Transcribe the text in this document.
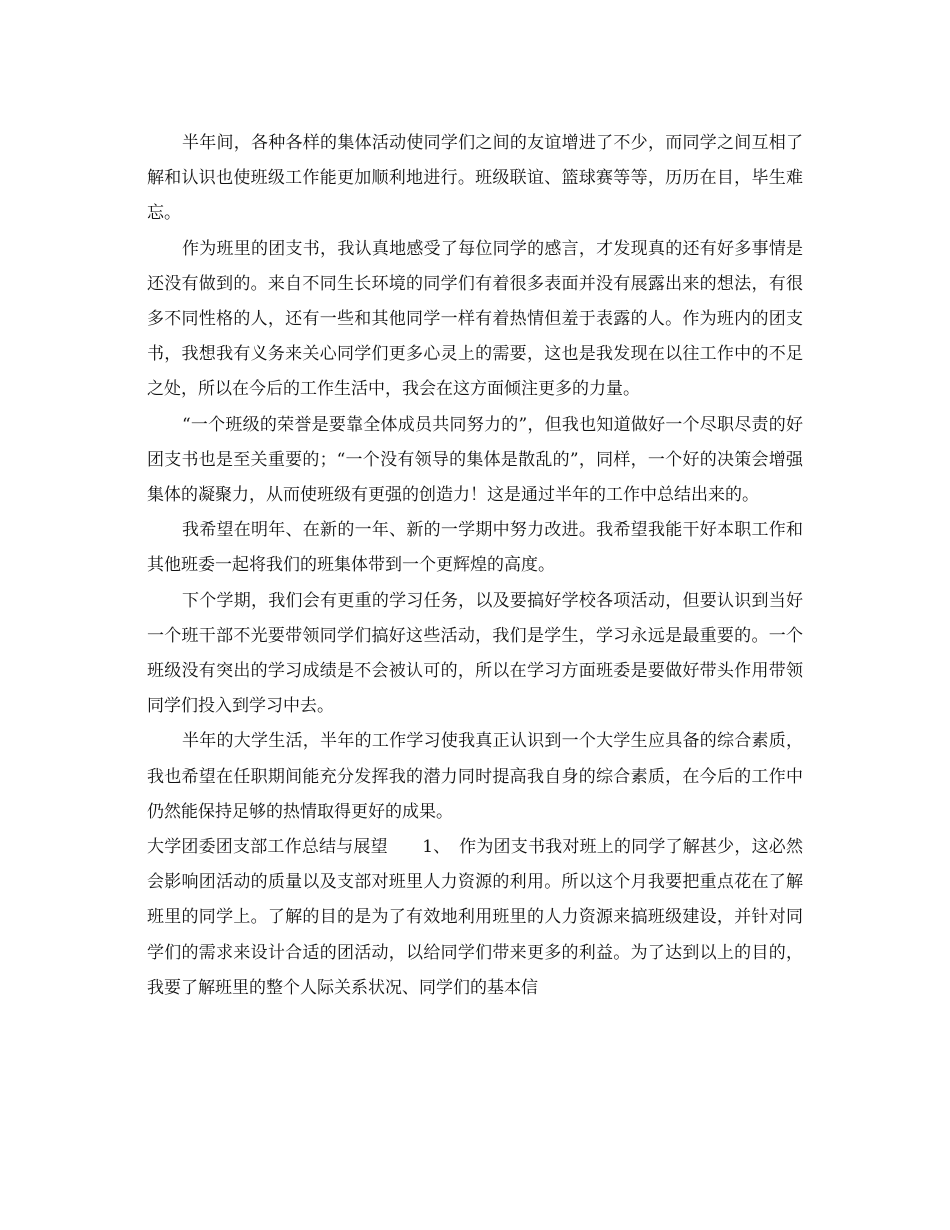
半年间，各种各样的集体活动使同学们之间的友谊增进了不少，而同学之间互相了解和认识也使班级工作能更加顺利地进行。班级联谊、篮球赛等等，历历在目，毕生难忘。

作为班里的团支书，我认真地感受了每位同学的感言，才发现真的还有好多事情是还没有做到的。来自不同生长环境的同学们有着很多表面并没有展露出来的想法，有很多不同性格的人，还有一些和其他同学一样有着热情但羞于表露的人。作为班内的团支书，我想我有义务来关心同学们更多心灵上的需要，这也是我发现在以往工作中的不足之处，所以在今后的工作生活中，我会在这方面倾注更多的力量。

“一个班级的荣誉是要靠全体成员共同努力的”，但我也知道做好一个尽职尽责的好团支书也是至关重要的；“一个没有领导的集体是散乱的”，同样，一个好的决策会增强集体的凝聚力，从而使班级有更强的创造力！这是通过半年的工作中总结出来的。

我希望在明年、在新的一年、新的一学期中努力改进。我希望我能干好本职工作和其他班委一起将我们的班集体带到一个更辉煌的高度。

下个学期，我们会有更重的学习任务，以及要搞好学校各项活动，但要认识到当好一个班干部不光要带领同学们搞好这些活动，我们是学生，学习永远是最重要的。一个班级没有突出的学习成绩是不会被认可的，所以在学习方面班委是要做好带头作用带领同学们投入到学习中去。

半年的大学生活，半年的工作学习使我真正认识到一个大学生应具备的综合素质，我也希望在任职期间能充分发挥我的潜力同时提高我自身的综合素质，在今后的工作中仍然能保持足够的热情取得更好的成果。

大学团委团支部工作总结与展望　　1、　作为团支书我对班上的同学了解甚少，这必然会影响团活动的质量以及支部对班里人力资源的利用。所以这个月我要把重点花在了解班里的同学上。了解的目的是为了有效地利用班里的人力资源来搞班级建设，并针对同学们的需求来设计合适的团活动，以给同学们带来更多的利益。为了达到以上的目的，我要了解班里的整个人际关系状况、同学们的基本信
